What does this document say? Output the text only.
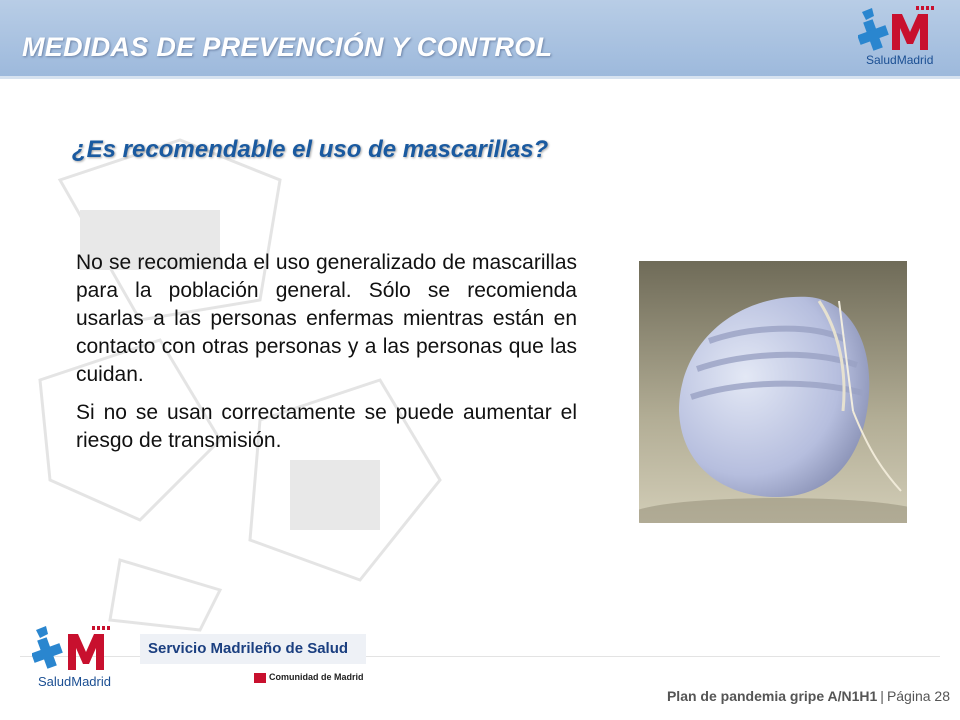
MEDIDAS DE PREVENCIÓN Y CONTROL	SaludMadrid
¿Es recomendable el uso de mascarillas?

No se recomienda el uso generalizado de mascarillas para la población general. Sólo se recomienda usarlas a las personas enfermas mientras están en contacto con otras personas y a las personas que las cuidan.

Si no se usan correctamente se puede aumentar el riesgo de transmisión.

SaludMadrid
Servicio Madrileño de Salud
Comunidad de Madrid
Plan de pandemia gripe A/N1H1 | Página 28
